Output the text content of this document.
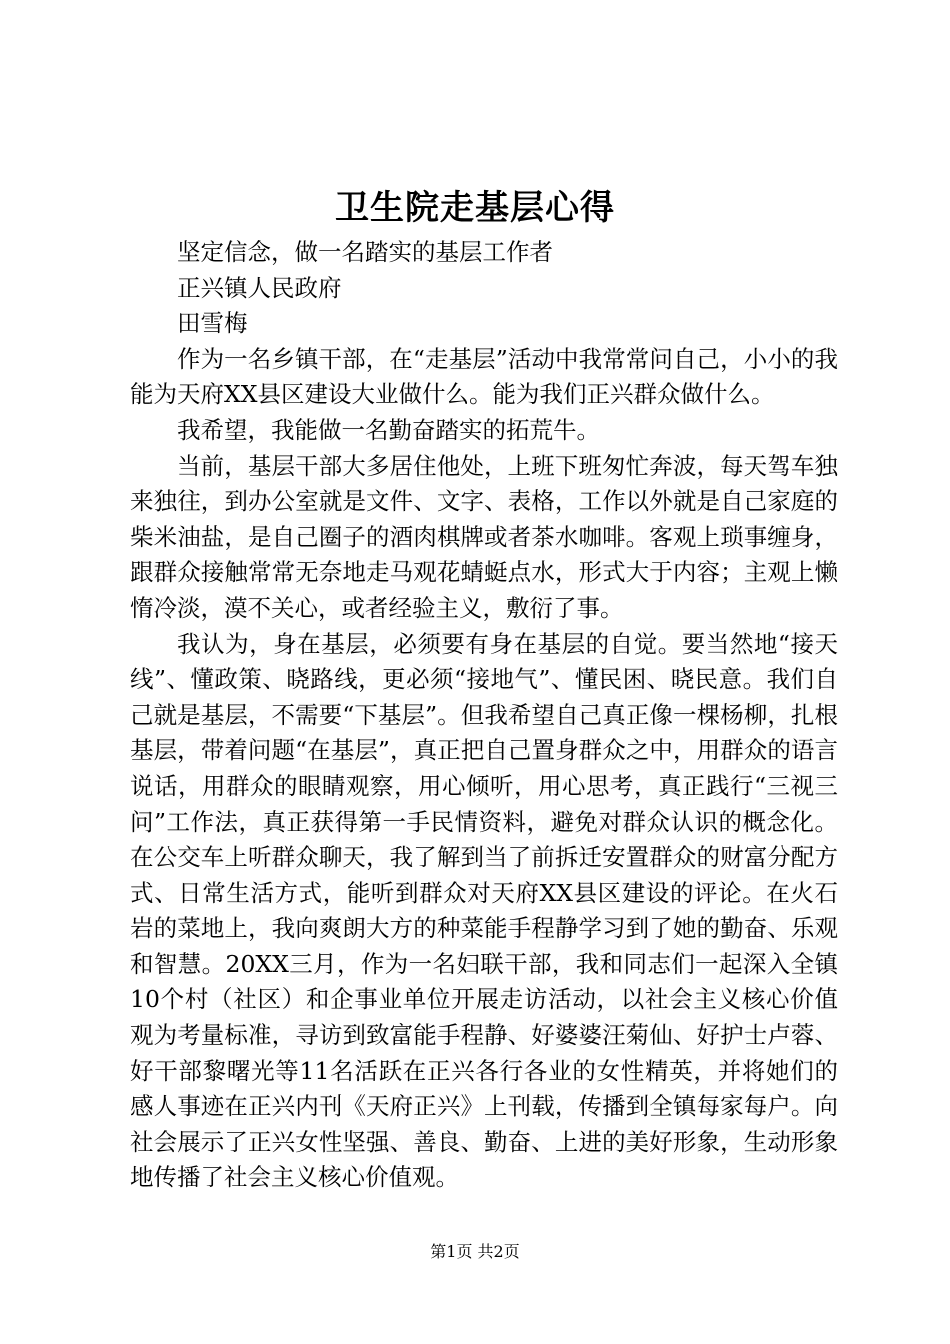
卫生院走基层心得

坚定信念，做一名踏实的基层工作者

正兴镇人民政府

田雪梅

作为一名乡镇干部，在“走基层”活动中我常常问自己，小小的我能为天府XX县区建设大业做什么。能为我们正兴群众做什么。

我希望，我能做一名勤奋踏实的拓荒牛。

当前，基层干部大多居住他处，上班下班匆忙奔波，每天驾车独来独往，到办公室就是文件、文字、表格，工作以外就是自己家庭的柴米油盐，是自己圈子的酒肉棋牌或者茶水咖啡。客观上琐事缠身，跟群众接触常常无奈地走马观花蜻蜓点水，形式大于内容；主观上懒惰冷淡，漠不关心，或者经验主义，敷衍了事。

我认为，身在基层，必须要有身在基层的自觉。要当然地“接天线”、懂政策、晓路线，更必须“接地气”、懂民困、晓民意。我们自己就是基层，不需要“下基层”。但我希望自己真正像一棵杨柳，扎根基层，带着问题“在基层”，真正把自己置身群众之中，用群众的语言说话，用群众的眼睛观察，用心倾听，用心思考，真正践行“三视三问”工作法，真正获得第一手民情资料，避免对群众认识的概念化。在公交车上听群众聊天，我了解到当了前拆迁安置群众的财富分配方式、日常生活方式，能听到群众对天府XX县区建设的评论。在火石岩的菜地上，我向爽朗大方的种菜能手程静学习到了她的勤奋、乐观和智慧。20XX三月，作为一名妇联干部，我和同志们一起深入全镇10个村（社区）和企事业单位开展走访活动，以社会主义核心价值观为考量标准，寻访到致富能手程静、好婆婆汪菊仙、好护士卢蓉、好干部黎曙光等11名活跃在正兴各行各业的女性精英，并将她们的感人事迹在正兴内刊《天府正兴》上刊载，传播到全镇每家每户。向社会展示了正兴女性坚强、善良、勤奋、上进的美好形象，生动形象地传播了社会主义核心价值观。

第1页 共2页
